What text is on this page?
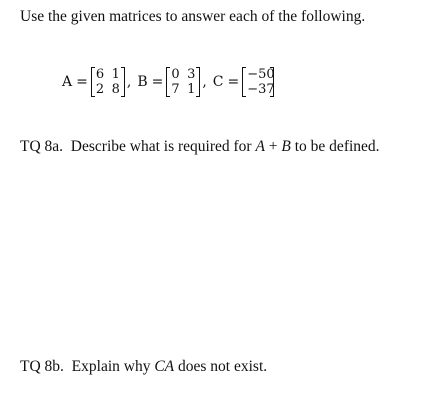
Use the given matrices to answer each of the following.
A = 6 1
2 8 , B = 0 3
7 1 , C = −50
−37
TQ 8a. Describe what is required for A + B to be defined.
TQ 8b. Explain why CA does not exist.
